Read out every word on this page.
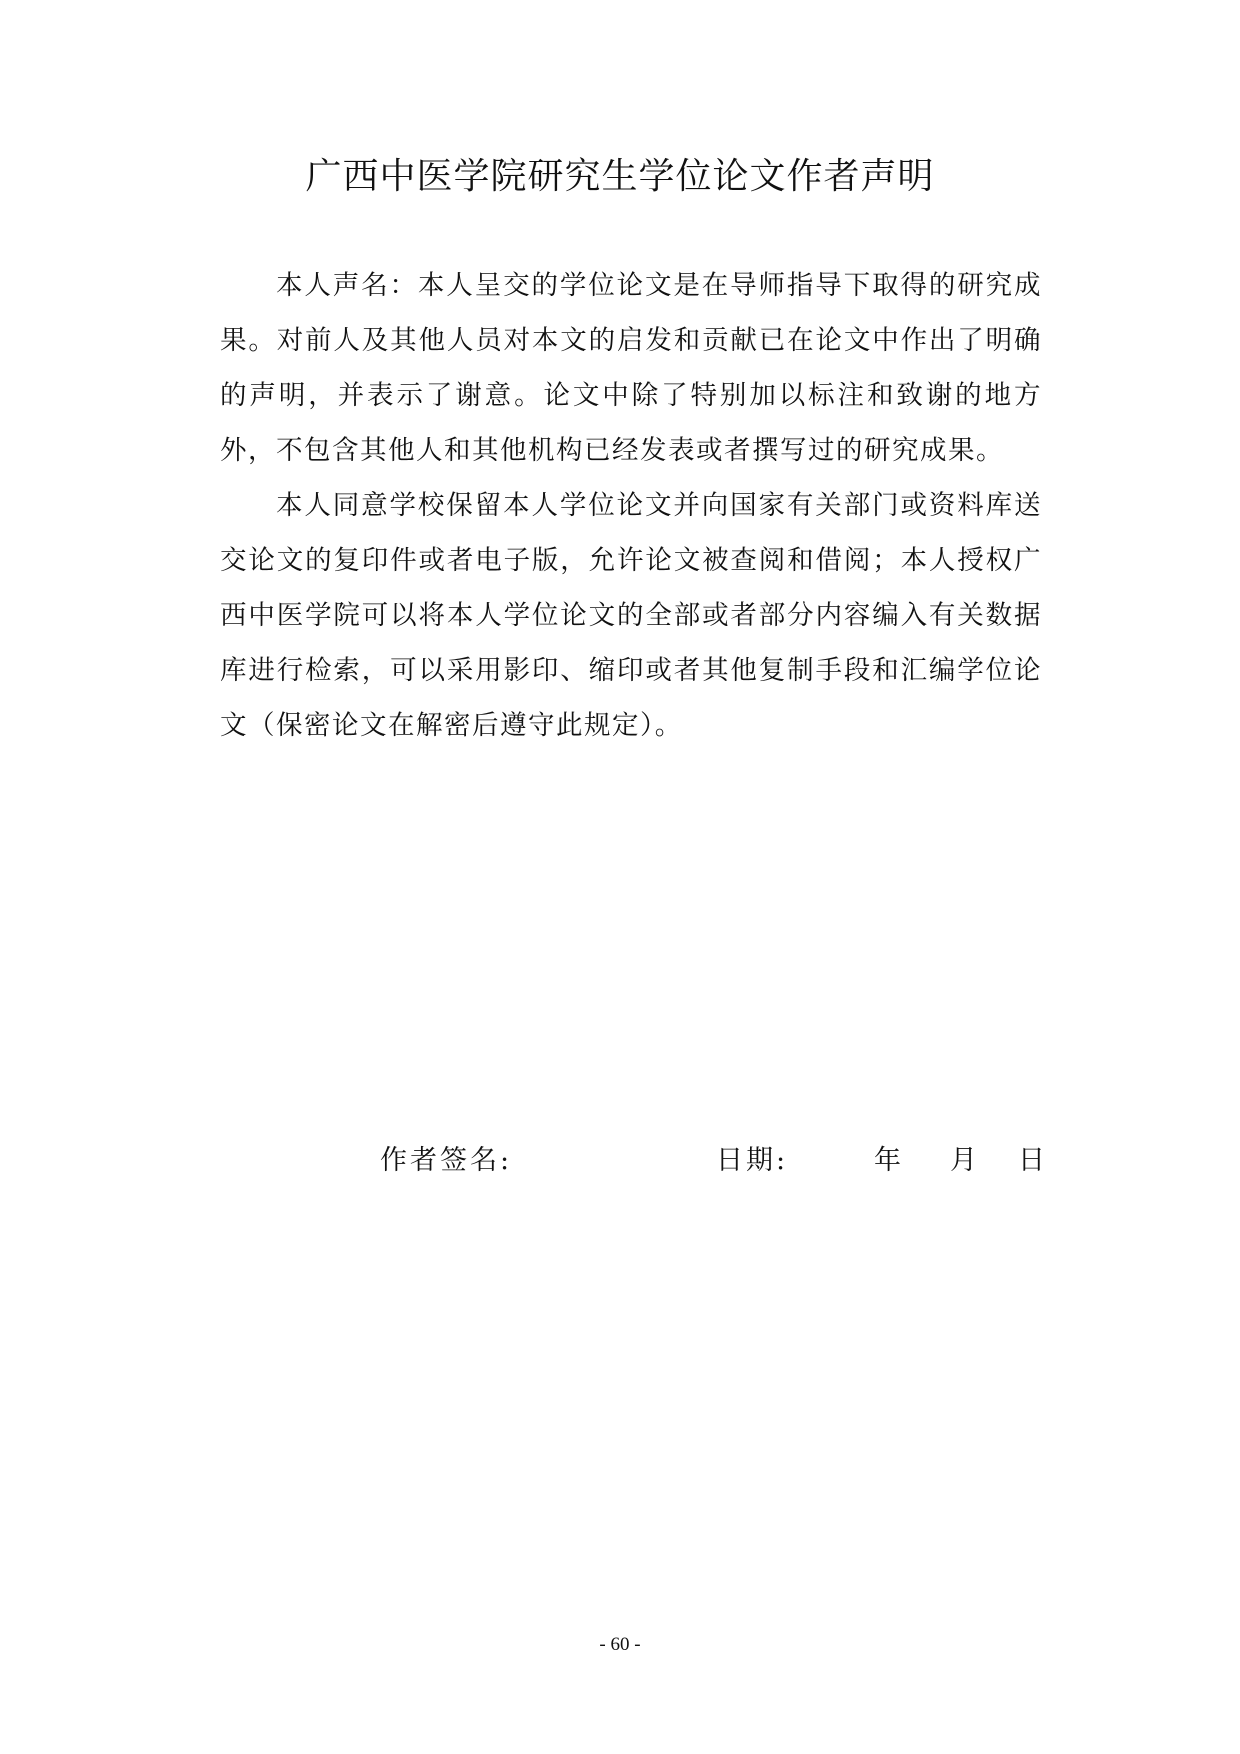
广西中医学院研究生学位论文作者声明

本人声名：本人呈交的学位论文是在导师指导下取得的研究成果。对前人及其他人员对本文的启发和贡献已在论文中作出了明确的声明，并表示了谢意。论文中除了特别加以标注和致谢的地方外，不包含其他人和其他机构已经发表或者撰写过的研究成果。

本人同意学校保留本人学位论文并向国家有关部门或资料库送交论文的复印件或者电子版，允许论文被查阅和借阅；本人授权广西中医学院可以将本人学位论文的全部或者部分内容编入有关数据库进行检索，可以采用影印、缩印或者其他复制手段和汇编学位论文（保密论文在解密后遵守此规定）。

作者签名:	日期:	年 月 日
- 60 -
